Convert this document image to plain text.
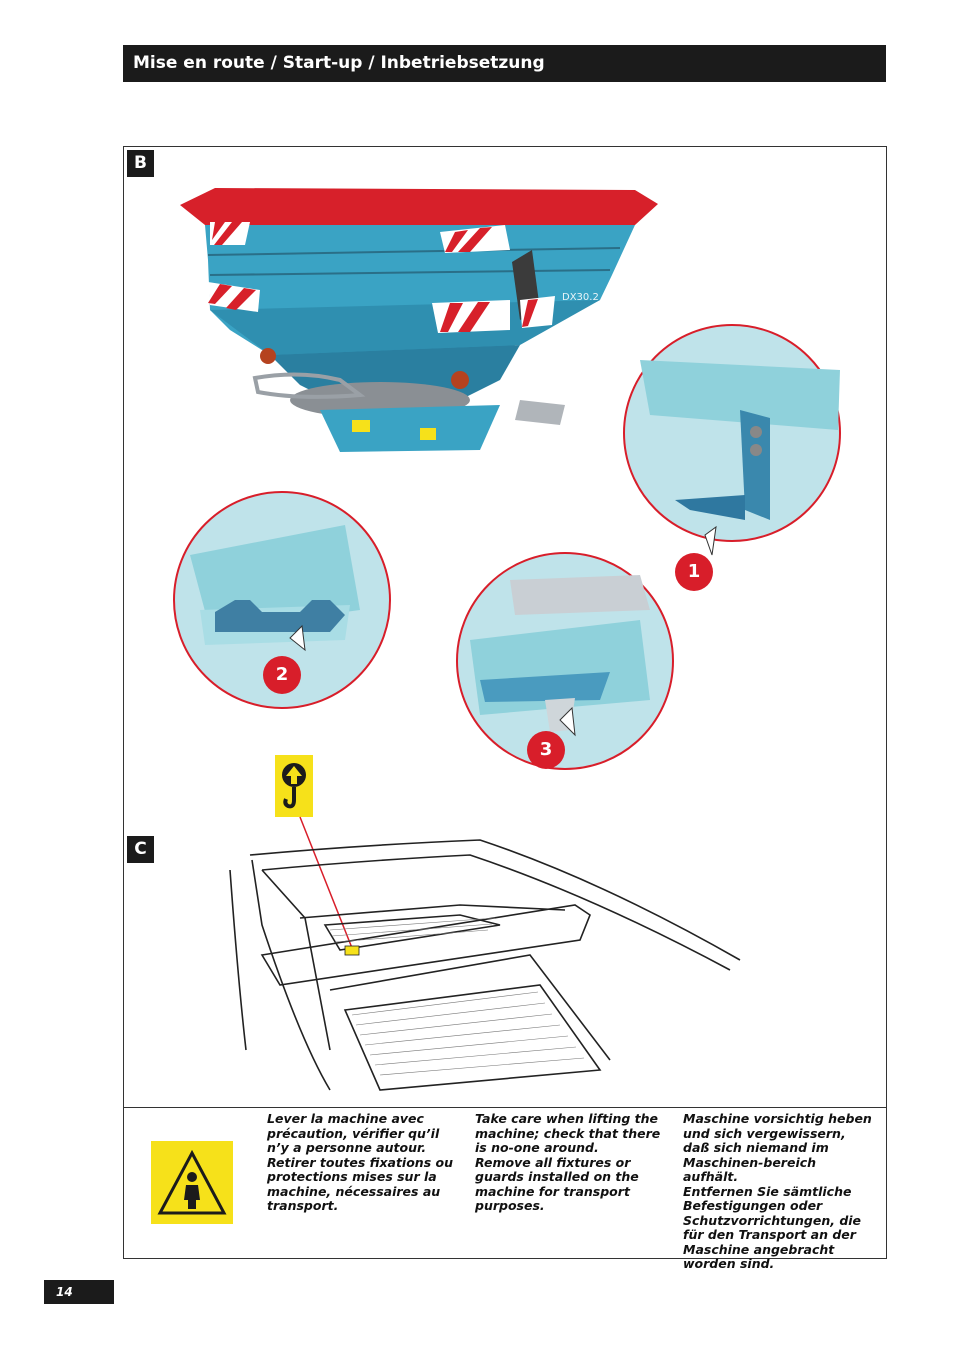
Mise en route / Start-up / Inbetriebsetzung
B
C
DX30.2
1
2
3

Lever la machine avec précaution, vérifier qu’il n’y a personne autour.

Retirer toutes fixations ou protections mises sur la machine, nécessaires au transport.

Take care when lifting the machine; check that there is no-one around.

Remove all fixtures or guards installed on the machine for transport purposes.

Maschine vorsichtig heben und sich vergewissern, daß sich niemand im Maschinen-bereich aufhält.

Entfernen Sie sämtliche Befestigungen oder Schutzvorrichtungen, die für den Transport an der Maschine angebracht worden sind.

14
